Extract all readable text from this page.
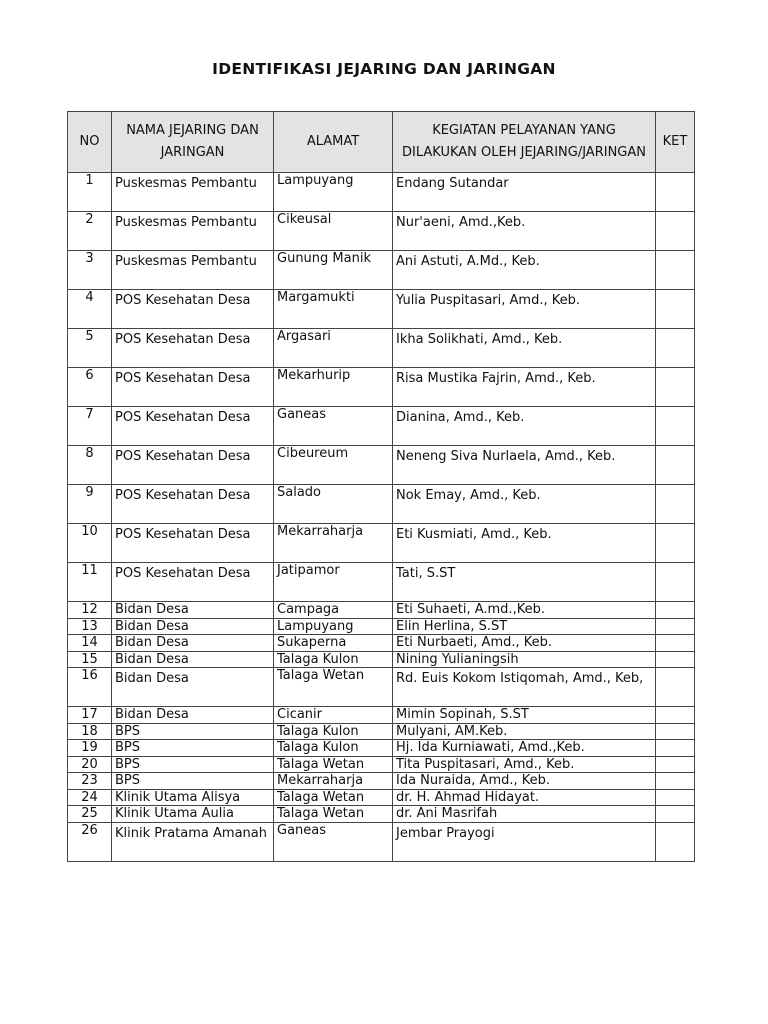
IDENTIFIKASI JEJARING DAN JARINGAN
NO	NAMA JEJARING DAN JARINGAN	ALAMAT	KEGIATAN PELAYANAN YANG DILAKUKAN OLEH JEJARING/JARINGAN	KET
1	Puskesmas Pembantu	Lampuyang	Endang Sutandar	
2	Puskesmas Pembantu	Cikeusal	Nur'aeni, Amd.,Keb.	
3	Puskesmas Pembantu	Gunung Manik	Ani Astuti, A.Md., Keb.	
4	POS Kesehatan Desa	Margamukti	Yulia Puspitasari, Amd., Keb.	
5	POS Kesehatan Desa	Argasari	Ikha Solikhati, Amd., Keb.	
6	POS Kesehatan Desa	Mekarhurip	Risa Mustika Fajrin, Amd., Keb.	
7	POS Kesehatan Desa	Ganeas	Dianina, Amd., Keb.	
8	POS Kesehatan Desa	Cibeureum	Neneng Siva Nurlaela, Amd., Keb.	
9	POS Kesehatan Desa	Salado	Nok Emay, Amd., Keb.	
10	POS Kesehatan Desa	Mekarraharja	Eti Kusmiati, Amd., Keb.	
11	POS Kesehatan Desa	Jatipamor	Tati, S.ST	
12	Bidan Desa	Campaga	Eti Suhaeti, A.md.,Keb.	
13	Bidan Desa	Lampuyang	Elin Herlina, S.ST	
14	Bidan Desa	Sukaperna	Eti Nurbaeti, Amd., Keb.	
15	Bidan Desa	Talaga Kulon	Nining Yulianingsih	
16	Bidan Desa	Talaga Wetan	Rd. Euis Kokom Istiqomah, Amd., Keb,	
17	Bidan Desa	Cicanir	Mimin Sopinah, S.ST	
18	BPS	Talaga Kulon	Mulyani, AM.Keb.	
19	BPS	Talaga Kulon	Hj. Ida Kurniawati, Amd.,Keb.	
20	BPS	Talaga Wetan	Tita Puspitasari, Amd., Keb.	
23	BPS	Mekarraharja	Ida Nuraida, Amd., Keb.	
24	Klinik Utama Alisya	Talaga Wetan	dr. H. Ahmad Hidayat.	
25	Klinik Utama Aulia	Talaga Wetan	dr. Ani Masrifah	
26	Klinik Pratama Amanah	Ganeas	Jembar Prayogi	
